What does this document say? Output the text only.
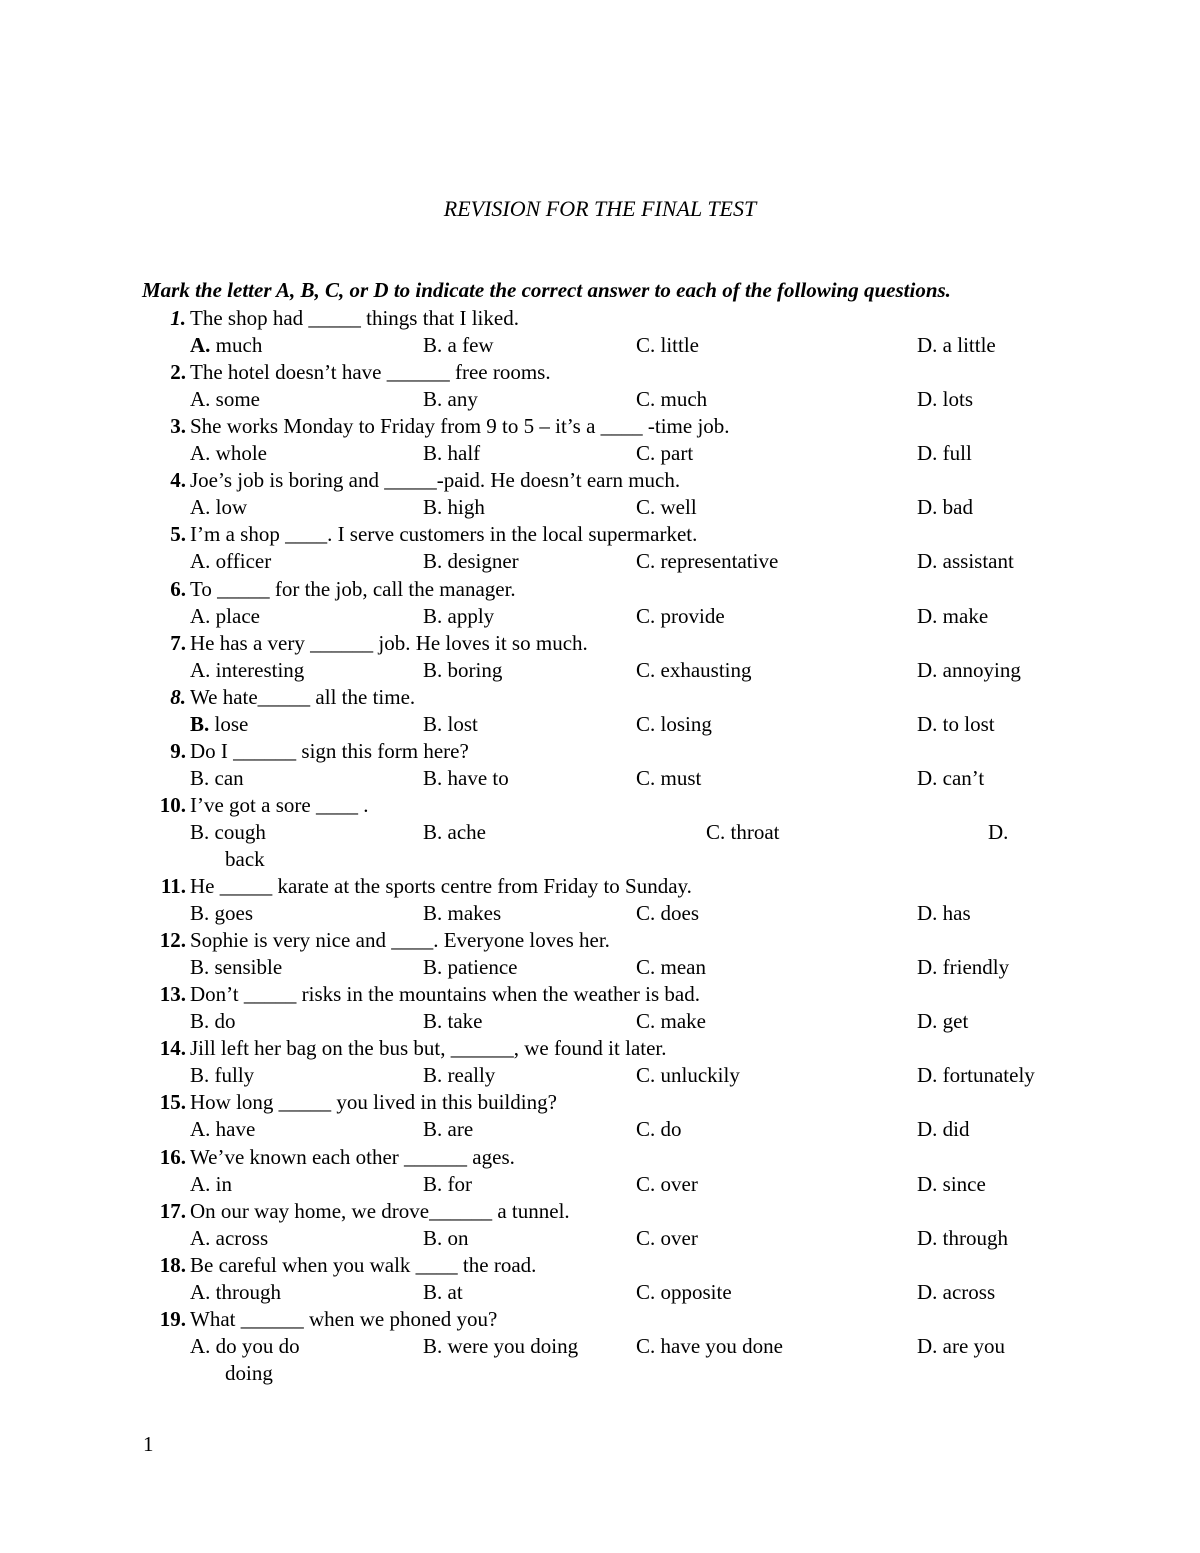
REVISION FOR THE FINAL TEST
Mark the letter A, B, C, or D to indicate the correct answer to each of the following questions.
1. The shop had _____ things that I liked.
A. much	B. a few	C. little	D. a little
2. The hotel doesn’t have ______ free rooms.
A. some	B. any	C. much	D. lots
3. She works Monday to Friday from 9 to 5 – it’s a ____ -time job.
A. whole	B. half	C. part	D. full
4. Joe’s job is boring and _____-paid. He doesn’t earn much.
A. low	B. high	C. well	D. bad
5. I’m a shop ____. I serve customers in the local supermarket.
A. officer	B. designer	C. representative	D. assistant
6. To _____ for the job, call the manager.
A. place	B. apply	C. provide	D. make
7. He has a very ______ job. He loves it so much.
A. interesting	B. boring	C. exhausting	D. annoying
8. We hate_____ all the time.
B. lose	B. lost	C. losing	D. to lost
9. Do I ______ sign this form here?
B. can	B. have to	C. must	D. can’t
10. I’ve got a sore ____ .
B. cough	B. ache	C. throat	D.
back
11. He _____ karate at the sports centre from Friday to Sunday.
B. goes	B. makes	C. does	D. has
12. Sophie is very nice and ____. Everyone loves her.
B. sensible	B. patience	C. mean	D. friendly
13. Don’t _____ risks in the mountains when the weather is bad.
B. do	B. take	C. make	D. get
14. Jill left her bag on the bus but, ______, we found it later.
B. fully	B. really	C. unluckily	D. fortunately
15. How long _____ you lived in this building?
A. have	B. are	C. do	D. did
16. We’ve known each other ______ ages.
A. in	B. for	C. over	D. since
17. On our way home, we drove______ a tunnel.
A. across	B. on	C. over	D. through
18. Be careful when you walk ____ the road.
A. through	B. at	C. opposite	D. across
19. What ______ when we phoned you?
A. do you do	B. were you doing	C. have you done	D. are you
doing
1
